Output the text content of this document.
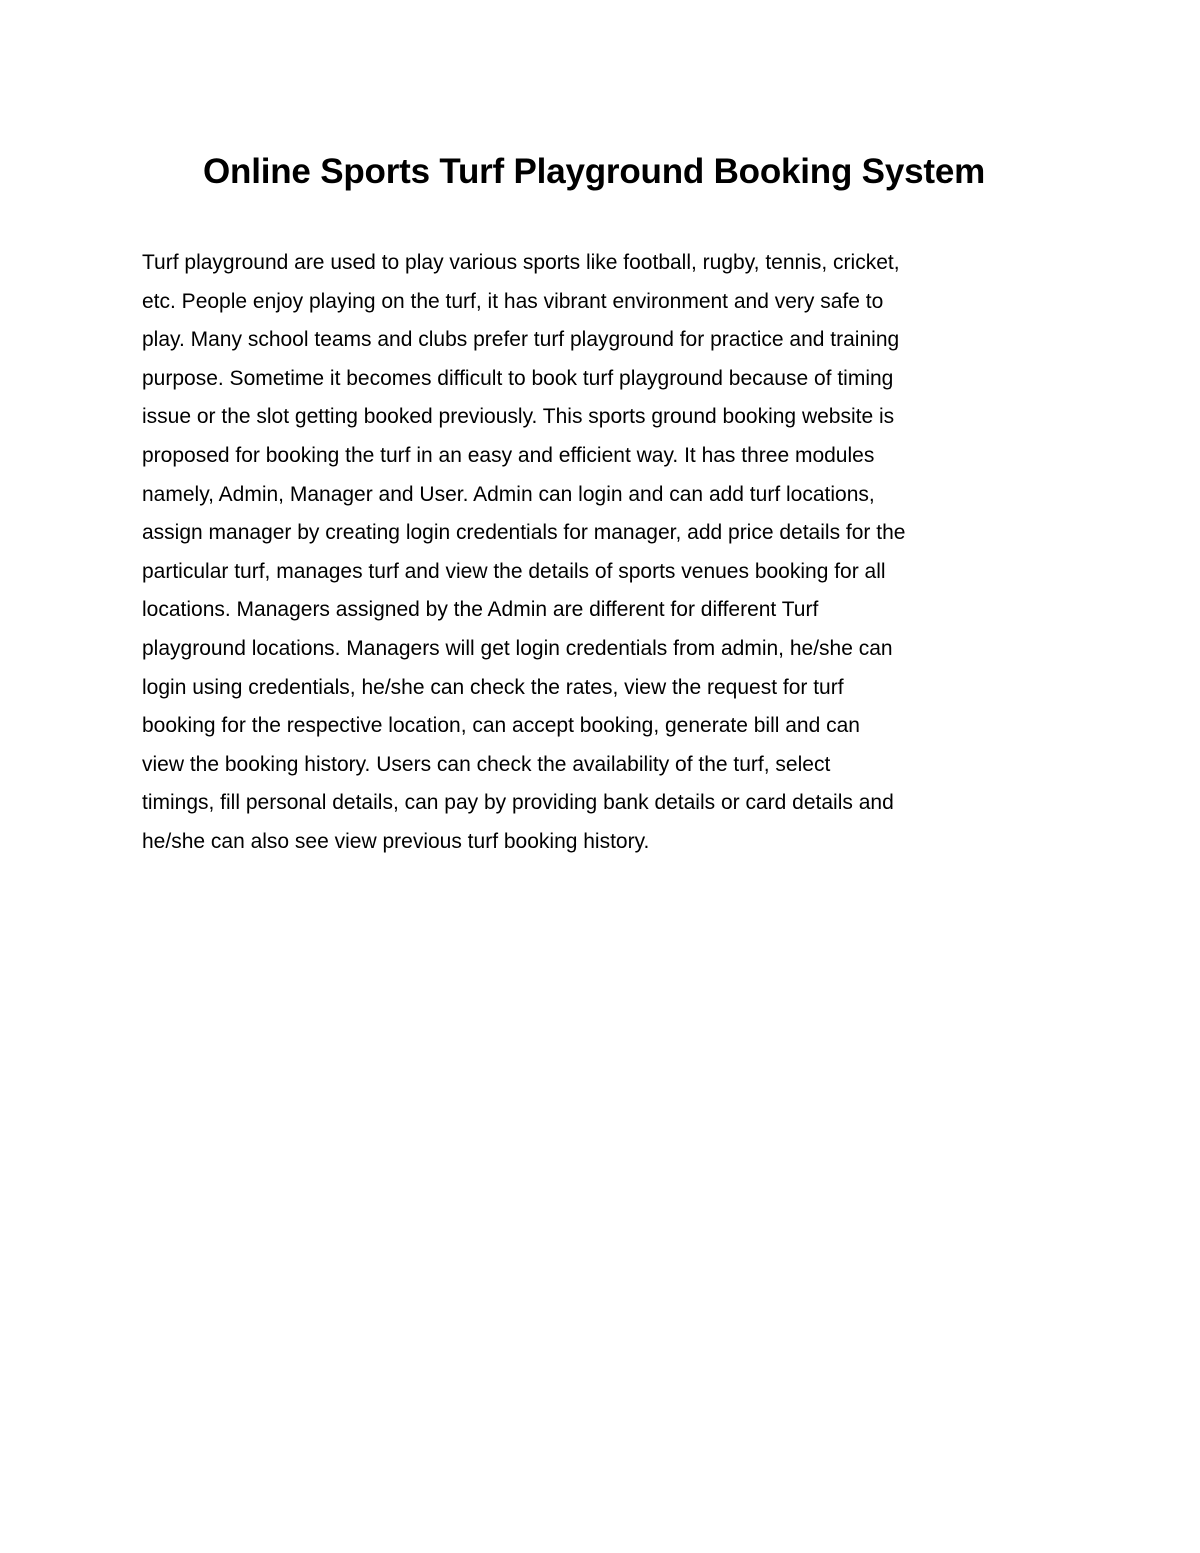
Online Sports Turf Playground Booking System

Turf playground are used to play various sports like football, rugby, tennis, cricket,
etc. People enjoy playing on the turf, it has vibrant environment and very safe to
play. Many school teams and clubs prefer turf playground for practice and training
purpose. Sometime it becomes difficult to book turf playground because of timing
issue or the slot getting booked previously. This sports ground booking website is
proposed for booking the turf in an easy and efficient way. It has three modules
namely, Admin, Manager and User. Admin can login and can add turf locations,
assign manager by creating login credentials for manager, add price details for the
particular turf, manages turf and view the details of sports venues booking for all
locations. Managers assigned by the Admin are different for different Turf
playground locations. Managers will get login credentials from admin, he/she can
login using credentials, he/she can check the rates, view the request for turf
booking for the respective location, can accept booking, generate bill and can
view the booking history. Users can check the availability of the turf, select
timings, fill personal details, can pay by providing bank details or card details and
he/she can also see view previous turf booking history.
